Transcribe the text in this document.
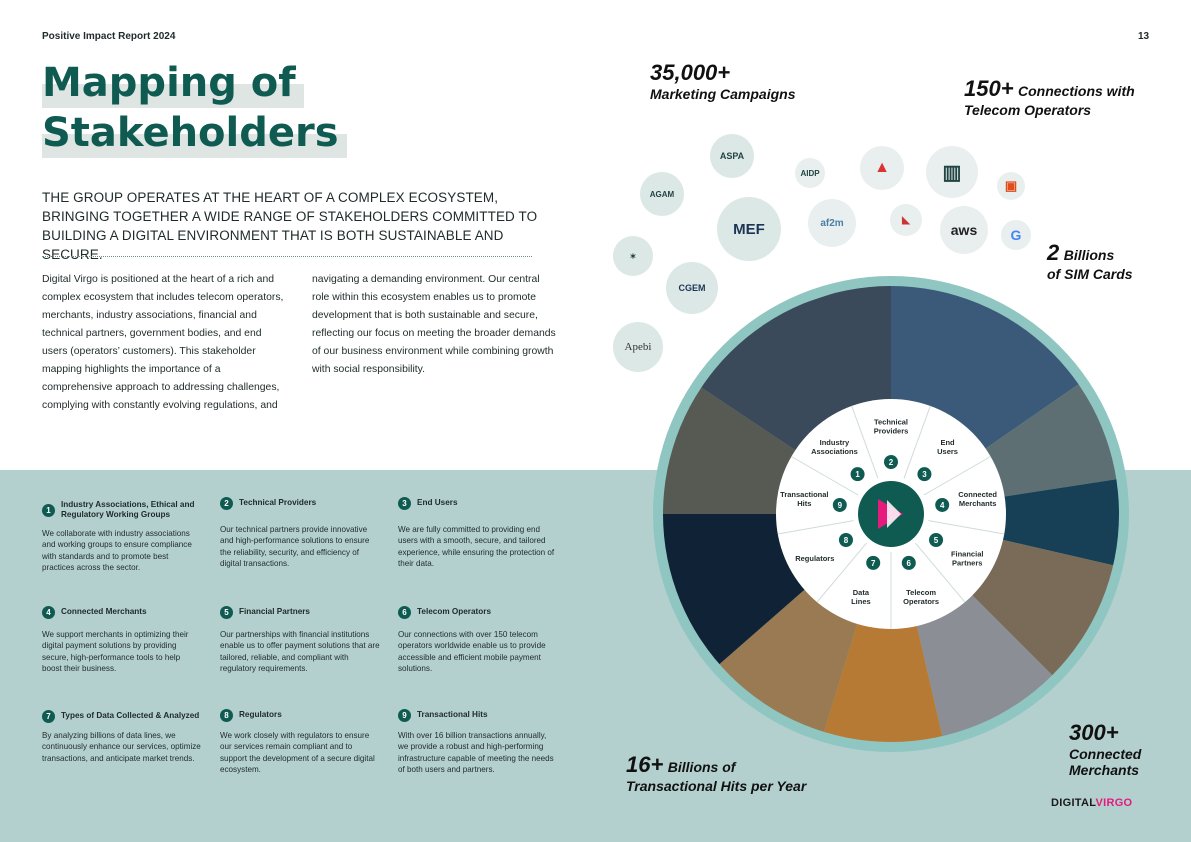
Positive Impact Report 2024	13
Mapping of
Stakeholders
THE GROUP OPERATES AT THE HEART OF A COMPLEX ECOSYSTEM, BRINGING TOGETHER A WIDE RANGE OF STAKEHOLDERS COMMITTED TO BUILDING A DIGITAL ENVIRONMENT THAT IS BOTH SUSTAINABLE AND SECURE.
Digital Virgo is positioned at the heart of a rich and complex ecosystem that includes telecom operators, merchants, industry associations, financial and technical partners, government bodies, and end users (operators’ customers). This stakeholder mapping highlights the importance of a comprehensive approach to addressing challenges, complying with constantly evolving regulations, and
navigating a demanding environment. Our central role within this ecosystem enables us to promote development that is both sustainable and secure, reflecting our focus on meeting the broader demands of our business environment while combining growth with social responsibility.
1
Industry Associations, Ethical and Regulatory Working Groups
We collaborate with industry associations and working groups to ensure compliance with standards and to promote best practices across the sector.
2	Technical Providers
Our technical partners provide innovative and high-performance solutions to ensure the reliability, security, and efficiency of digital transactions.
3	End Users
We are fully committed to providing end users with a smooth, secure, and tailored experience, while ensuring the protection of their data.
4	Connected Merchants
We support merchants in optimizing their digital payment solutions by providing secure, high-performance tools to help boost their business.
5	Financial Partners
Our partnerships with financial institutions enable us to offer payment solutions that are tailored, reliable, and compliant with regulatory requirements.
6	Telecom Operators
Our connections with over 150 telecom operators worldwide enable us to provide accessible and efficient mobile payment solutions.
7	Types of Data Collected & Analyzed
By analyzing billions of data lines, we continuously enhance our services, optimize transactions, and anticipate market trends.
8	Regulators
We work closely with regulators to ensure our services remain compliant and to support the development of a secure digital ecosystem.
9	Transactional Hits
With over 16 billion transactions annually, we provide a robust and high-performing infrastructure capable of meeting the needs of both users and partners.
ASPA
AIDP	▲	▥
▣
AGAM
MEF	af2m	◣
aws	G
✶
CGEM
Apebi
1
Industry
Associations
2
Technical
Providers
3
End
Users
4
Connected
Merchants
5
Financial
Partners
6
Telecom
Operators
7
Data
Lines
8
Regulators
9
Transactional
Hits
35,000+
Marketing Campaigns	150+ Connections with
Telecom Operators
2 Billions
of SIM Cards
16+ Billions of
Transactional Hits per Year
300+
Connected
Merchants
DIGITALVIRGO
